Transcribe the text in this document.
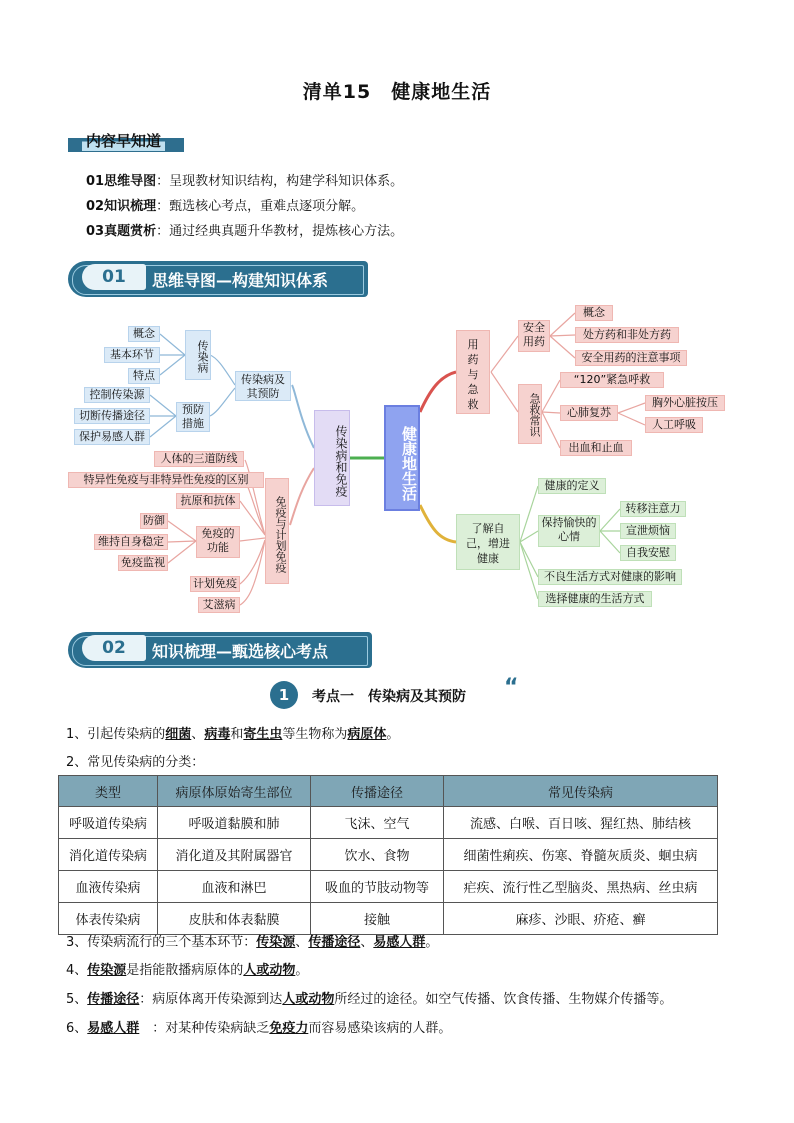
清单15　健康地生活
内容早知道
01思维导图：呈现教材知识结构，构建学科知识体系。
02知识梳理：甄选核心考点，重难点逐项分解。
03真题赏析：通过经典真题升华教材，提炼核心方法。
01	思维导图—构建知识体系
健康地生活
传染病和免疫
传染病及其预防
传染病
概念
基本环节
特点
预防措施
控制传染源
切断传播途径
保护易感人群
免疫与计划免疫
人体的三道防线
特异性免疫与非特异性免疫的区别
抗原和抗体
免疫的功能
防御
维持自身稳定
免疫监视
计划免疫
艾滋病
用药与急救
安全用药
概念
处方药和非处方药
安全用药的注意事项
急救常识
“120”紧急呼救
心肺复苏
出血和止血
胸外心脏按压
人工呼吸
了解自己，增进健康
健康的定义
保持愉快的心情
转移注意力
宣泄烦恼
自我安慰
不良生活方式对健康的影响
选择健康的生活方式
02	知识梳理—甄选核心考点
1	考点一　传染病及其预防 “
1、引起传染病的细菌、病毒和寄生虫等生物称为病原体。
2、常见传染病的分类：
类型	病原体原始寄生部位	传播途径	常见传染病
呼吸道传染病	呼吸道黏膜和肺	飞沫、空气	流感、白喉、百日咳、猩红热、肺结核
消化道传染病	消化道及其附属器官	饮水、食物	细菌性痢疾、伤寒、脊髓灰质炎、蛔虫病
血液传染病	血液和淋巴	吸血的节肢动物等	疟疾、流行性乙型脑炎、黑热病、丝虫病
体表传染病	皮肤和体表黏膜	接触	麻疹、沙眼、疥疮、癣
3、传染病流行的三个基本环节：传染源、传播途径、易感人群。
4、传染源是指能散播病原体的人或动物。
5、传播途径：病原体离开传染源到达人或动物所经过的途径。如空气传播、饮食传播、生物媒介传播等。
6、易感人群　：对某种传染病缺乏免疫力而容易感染该病的人群。
